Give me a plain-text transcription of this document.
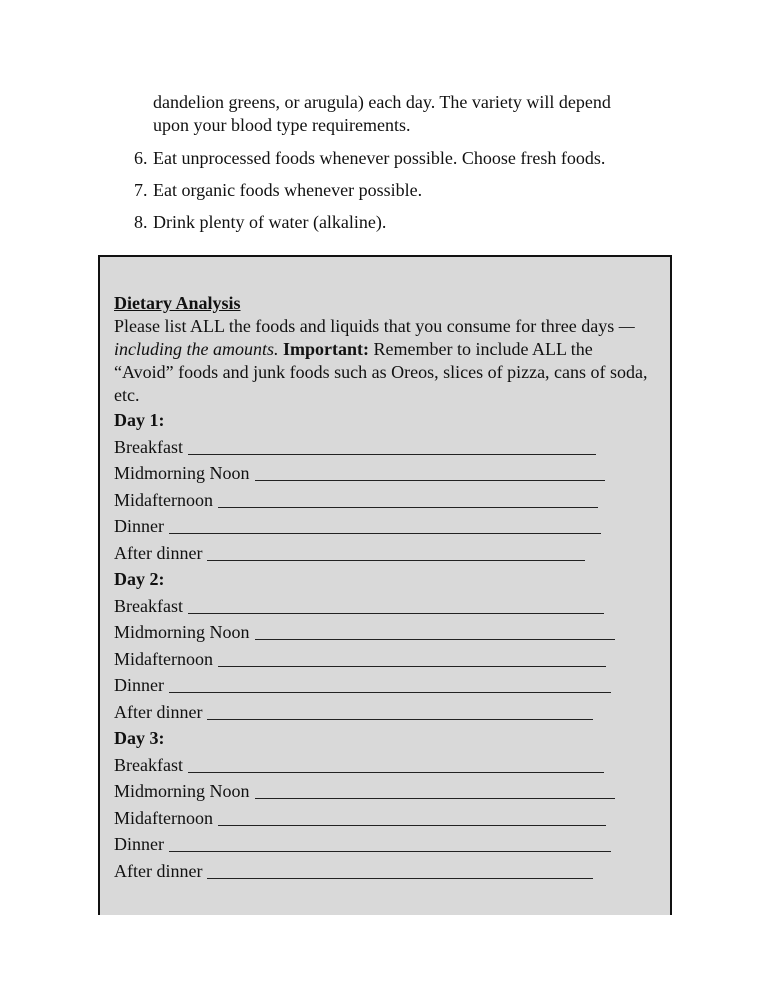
dandelion greens, or arugula) each day. The variety will depend
upon your blood type requirements.
6. Eat unprocessed foods whenever possible. Choose fresh foods.
7. Eat organic foods whenever possible.
8. Drink plenty of water (alkaline).
Dietary Analysis

Please list ALL the foods and liquids that you consume for three days —including the amounts. Important: Remember to include ALL the “Avoid” foods and junk foods such as Oreos, slices of pizza, cans of soda, etc.

Day 1:
Breakfast
Midmorning Noon
Midafternoon
Dinner
After dinner
Day 2:
Breakfast
Midmorning Noon
Midafternoon
Dinner
After dinner
Day 3:
Breakfast
Midmorning Noon
Midafternoon
Dinner
After dinner
